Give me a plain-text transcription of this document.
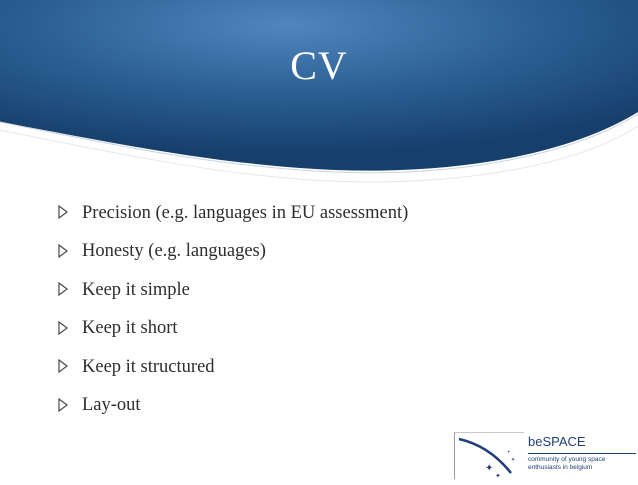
CV
Precision (e.g. languages in EU assessment)
Honesty (e.g. languages)
Keep it simple
Keep it short
Keep it structured
Lay-out
✦
✦
✦
✦
✦
beSPACE
community of young space enthusiasts in belgium
